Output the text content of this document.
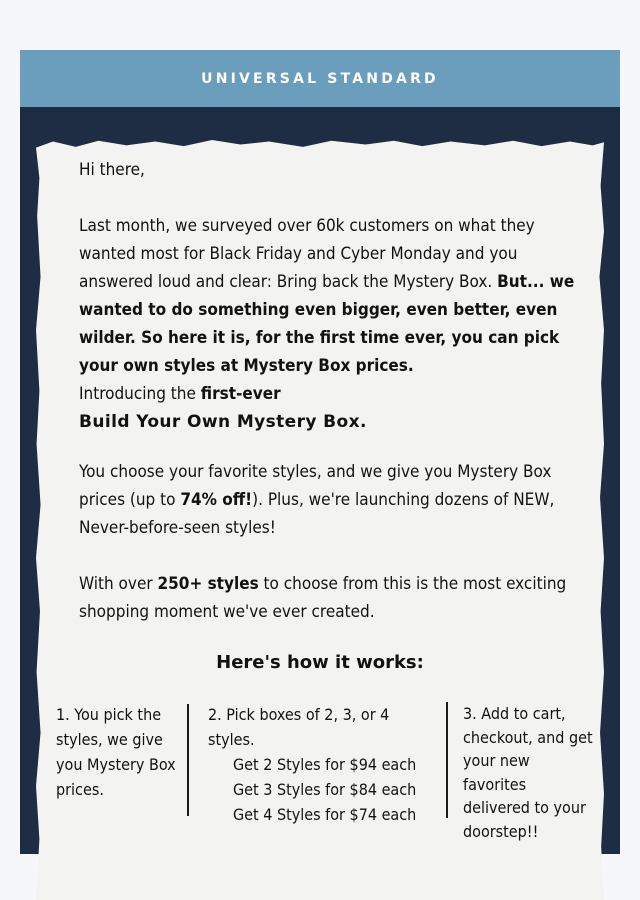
UNIVERSAL STANDARD
Hi there,
Last month, we surveyed over 60k customers on what they wanted most for Black Friday and Cyber Monday and you answered loud and clear: Bring back the Mystery Box. But... we wanted to do something even bigger, even better, even wilder. So here it is, for the first time ever, you can pick your own styles at Mystery Box prices.
Introducing the first-ever
Build Your Own Mystery Box.
You choose your favorite styles, and we give you Mystery Box prices (up to 74% off!). Plus, we're launching dozens of NEW, Never-before-seen styles!
With over 250+ styles to choose from this is the most exciting shopping moment we've ever created.
Here's how it works:
1. You pick the styles, we give you Mystery Box prices.
2. Pick boxes of 2, 3, or 4 styles.
Get 2 Styles for $94 each
Get 3 Styles for $84 each
Get 4 Styles for $74 each
3. Add to cart, checkout, and get your new favorites delivered to your doorstep!!
